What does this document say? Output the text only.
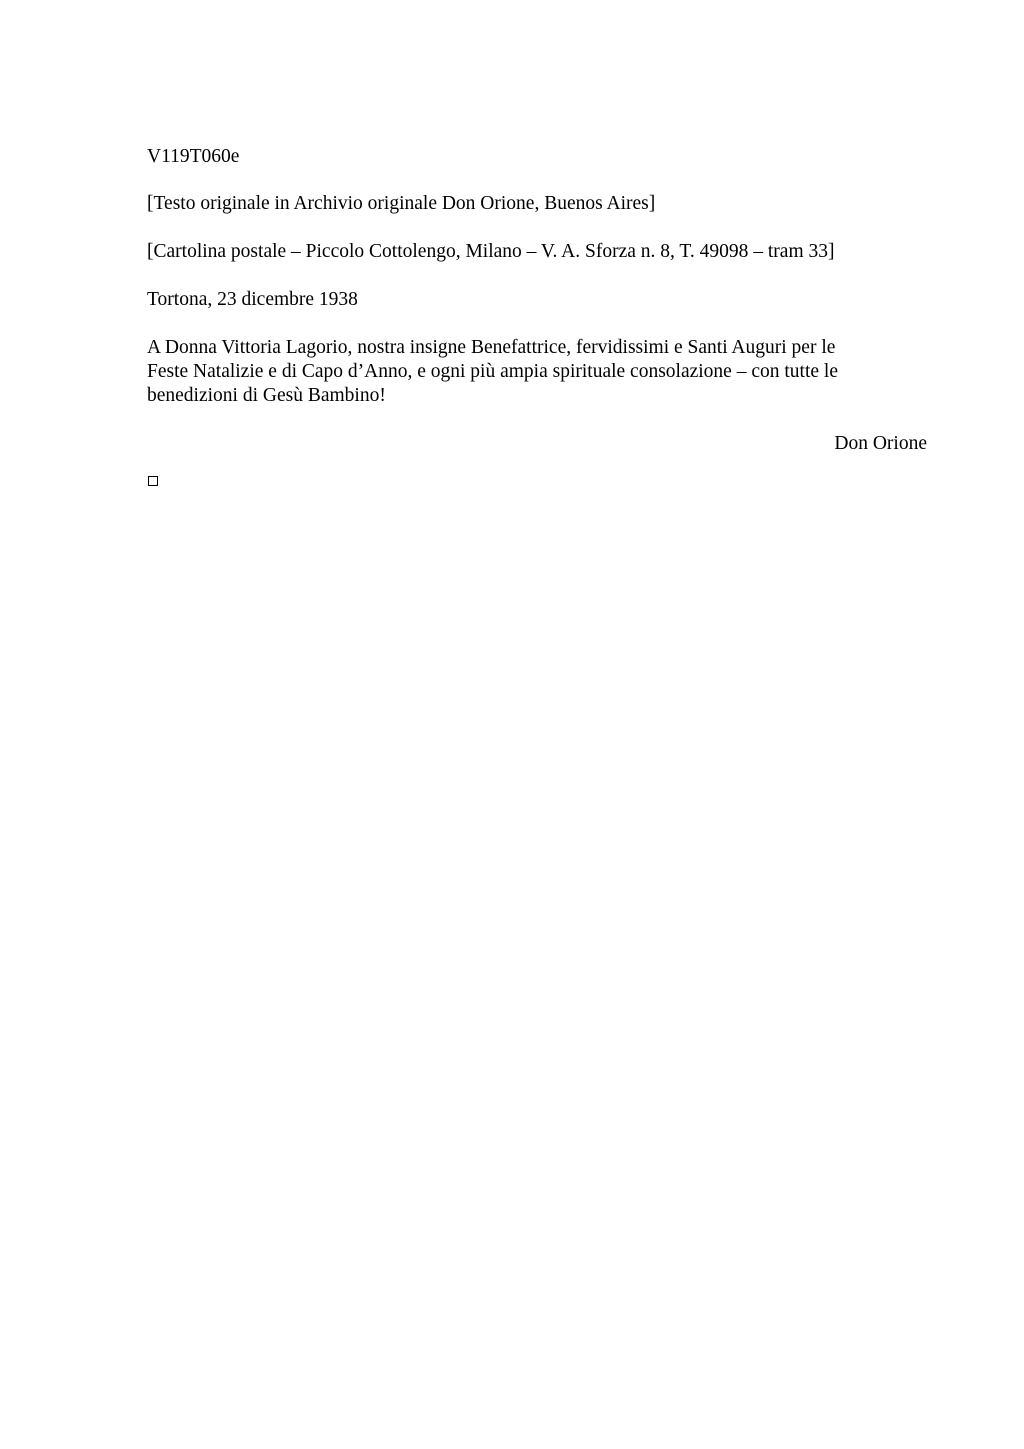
V119T060e

[Testo originale in Archivio originale Don Orione, Buenos Aires]

[Cartolina postale – Piccolo Cottolengo, Milano – V. A. Sforza n. 8, T. 49098 – tram 33]

Tortona, 23 dicembre 1938

A Donna Vittoria Lagorio, nostra insigne Benefattrice, fervidissimi e Santi Auguri per le
Feste Natalizie e di Capo d’Anno, e ogni più ampia spirituale consolazione – con tutte le
benedizioni di Gesù Bambino!

Don Orione
